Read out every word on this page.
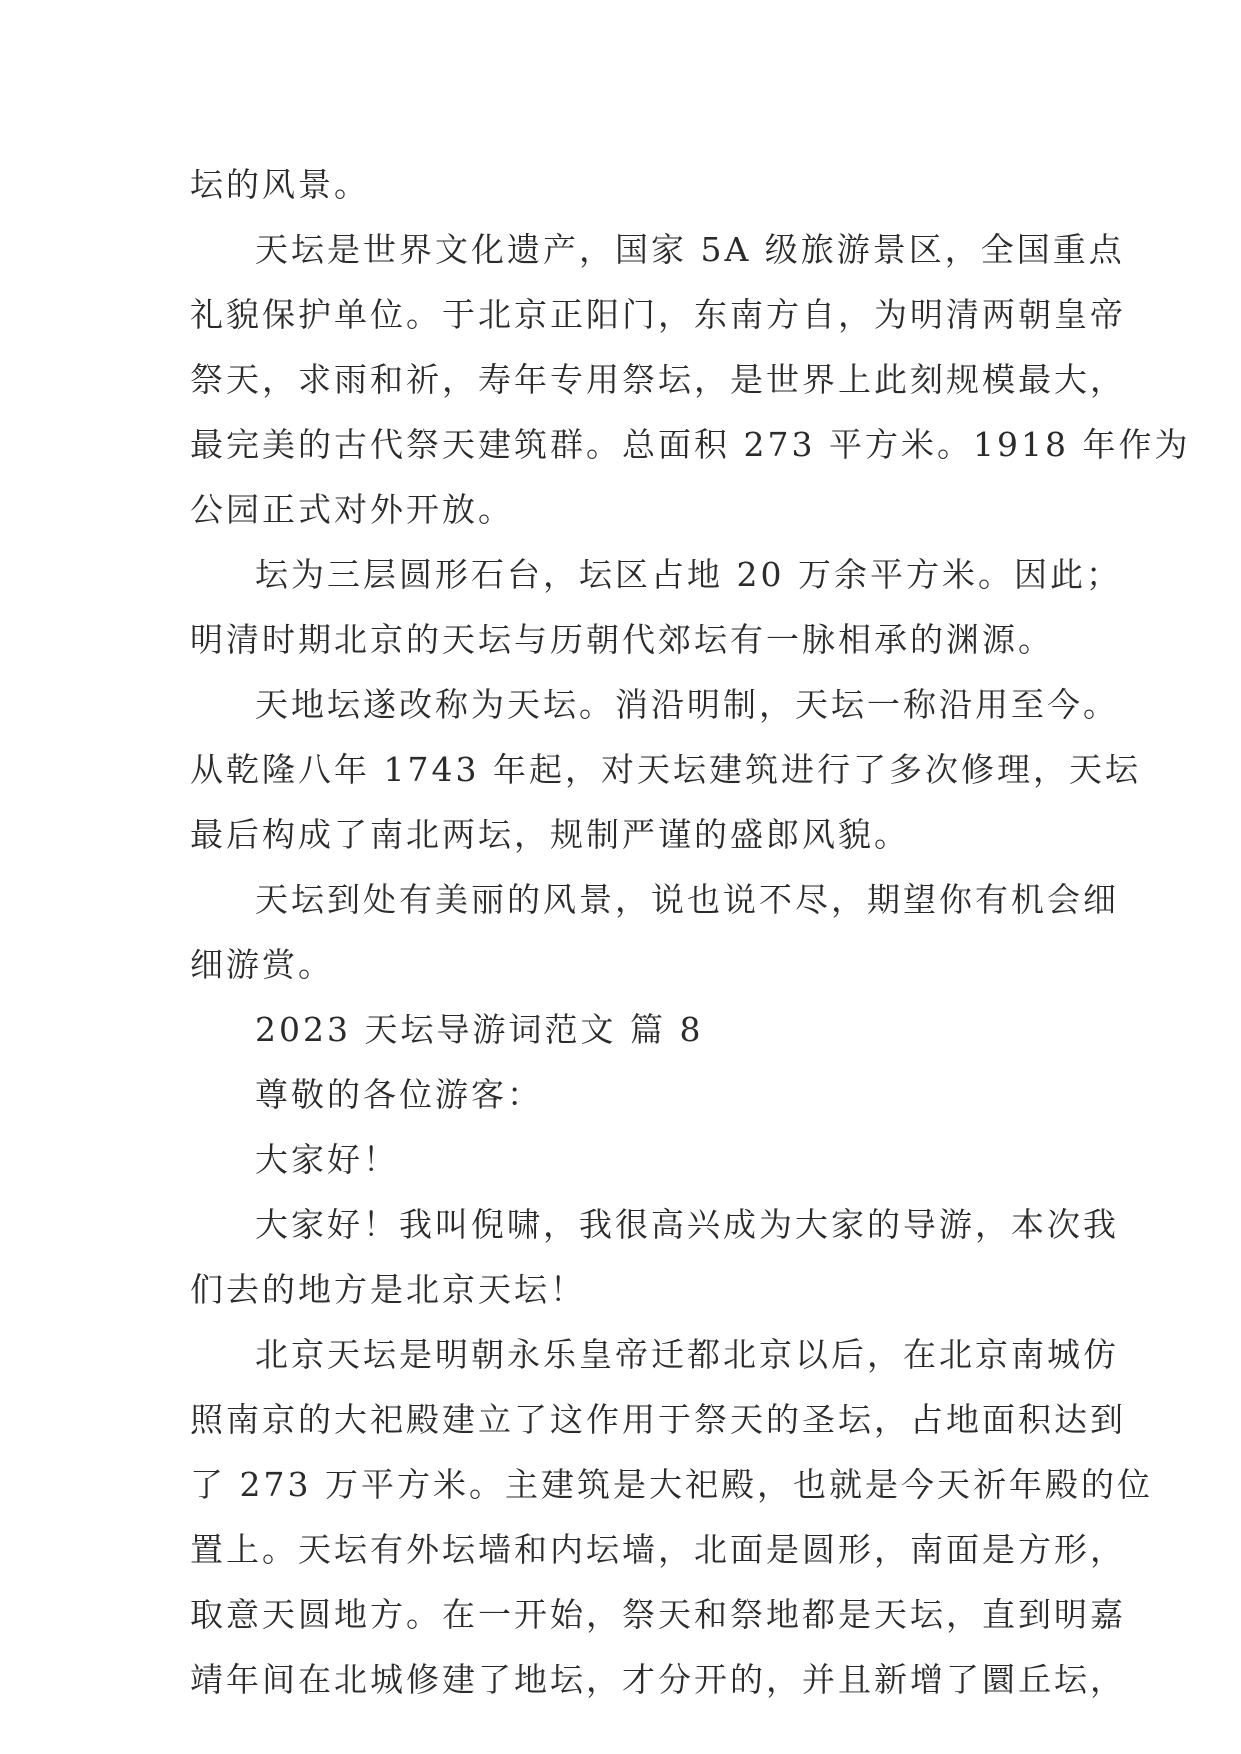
坛的风景。
天坛是世界文化遗产，国家 5A 级旅游景区，全国重点
礼貌保护单位。于北京正阳门，东南方自，为明清两朝皇帝
祭天，求雨和祈，寿年专用祭坛，是世界上此刻规模最大，
最完美的古代祭天建筑群。总面积 273 平方米。1918 年作为
公园正式对外开放。
坛为三层圆形石台，坛区占地 20 万余平方米。因此；
明清时期北京的天坛与历朝代郊坛有一脉相承的渊源。
天地坛遂改称为天坛。消沿明制，天坛一称沿用至今。
从乾隆八年 1743 年起，对天坛建筑进行了多次修理，天坛
最后构成了南北两坛，规制严谨的盛郎风貌。
天坛到处有美丽的风景，说也说不尽，期望你有机会细
细游赏。
2023 天坛导游词范文 篇 8
尊敬的各位游客：
大家好！
大家好！我叫倪啸，我很高兴成为大家的导游，本次我
们去的地方是北京天坛！
北京天坛是明朝永乐皇帝迁都北京以后，在北京南城仿
照南京的大祀殿建立了这作用于祭天的圣坛，占地面积达到
了 273 万平方米。主建筑是大祀殿，也就是今天祈年殿的位
置上。天坛有外坛墙和内坛墙，北面是圆形，南面是方形，
取意天圆地方。在一开始，祭天和祭地都是天坛，直到明嘉
靖年间在北城修建了地坛，才分开的，并且新增了圜丘坛，
